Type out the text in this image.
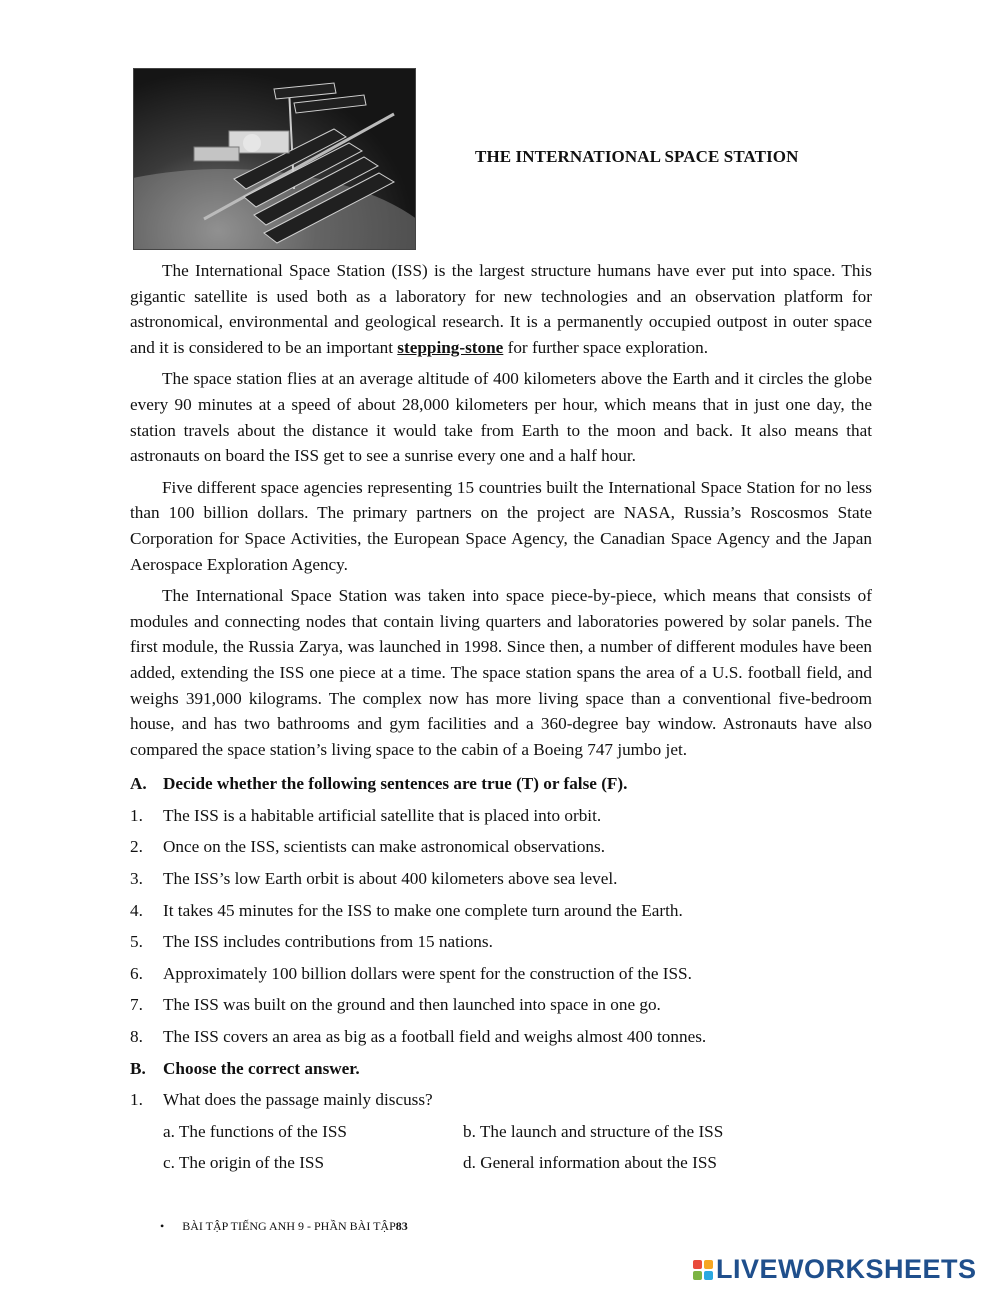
THE INTERNATIONAL SPACE STATION

The International Space Station (ISS) is the largest structure humans have ever put into space. This gigantic satellite is used both as a laboratory for new technologies and an observation platform for astronomical, environmental and geological research. It is a permanently occupied outpost in outer space and it is considered to be an important stepping-stone for further space exploration.

The space station flies at an average altitude of 400 kilometers above the Earth and it circles the globe every 90 minutes at a speed of about 28,000 kilometers per hour, which means that in just one day, the station travels about the distance it would take from Earth to the moon and back. It also means that astronauts on board the ISS get to see a sunrise every one and a half hour.

Five different space agencies representing 15 countries built the International Space Station for no less than 100 billion dollars. The primary partners on the project are NASA, Russia’s Roscosmos State Corporation for Space Activities, the European Space Agency, the Canadian Space Agency and the Japan Aerospace Exploration Agency.

The International Space Station was taken into space piece-by-piece, which means that consists of modules and connecting nodes that contain living quarters and laboratories powered by solar panels. The first module, the Russia Zarya, was launched in 1998. Since then, a number of different modules have been added, extending the ISS one piece at a time. The space station spans the area of a U.S. football field, and weighs 391,000 kilograms. The complex now has more living space than a conventional five-bedroom house, and has two bathrooms and gym facilities and a 360-degree bay window. Astronauts have also compared the space station’s living space to the cabin of a Boeing 747 jumbo jet.

A. Decide whether the following sentences are true (T) or false (F).
1.	The ISS is a habitable artificial satellite that is placed into orbit.
2.	Once on the ISS, scientists can make astronomical observations.
3.	The ISS’s low Earth orbit is about 400 kilometers above sea level.
4.	It takes 45 minutes for the ISS to make one complete turn around the Earth.
5.	The ISS includes contributions from 15 nations.
6.	Approximately 100 billion dollars were spent for the construction of the ISS.
7.	The ISS was built on the ground and then launched into space in one go.
8.	The ISS covers an area as big as a football field and weighs almost 400 tonnes.
B.	Choose the correct answer.
1.	What does the passage mainly discuss?
a. The functions of the ISS	b. The launch and structure of the ISS
c. The origin of the ISS	d. General information about the ISS
• BÀI TẬP TIẾNG ANH 9 - PHẦN BÀI TẬP 83
LIVEWORKSHEETS
